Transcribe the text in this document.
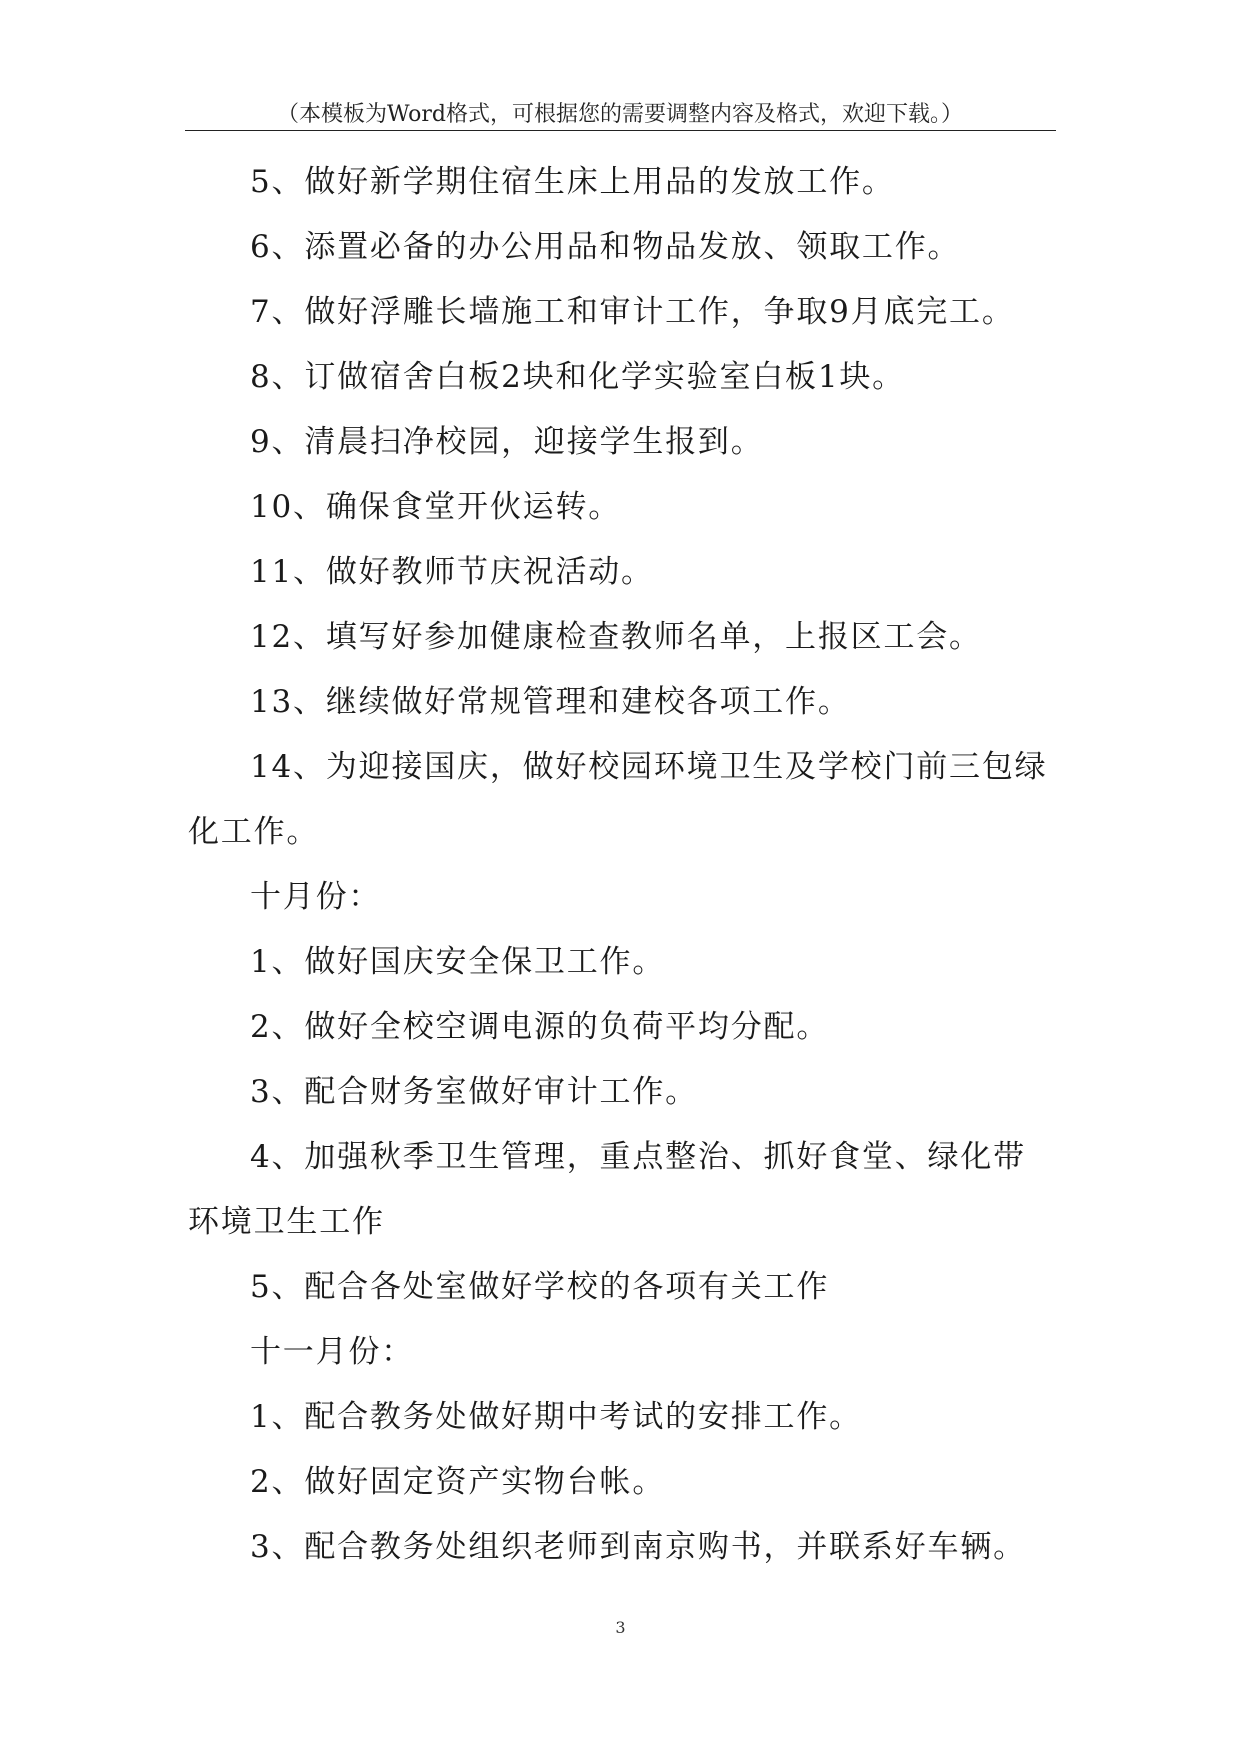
（本模板为Word格式，可根据您的需要调整内容及格式，欢迎下载。）

5、做好新学期住宿生床上用品的发放工作。

6、添置必备的办公用品和物品发放、领取工作。

7、做好浮雕长墙施工和审计工作，争取9月底完工。

8、订做宿舍白板2块和化学实验室白板1块。

9、清晨扫净校园，迎接学生报到。

10、确保食堂开伙运转。

11、做好教师节庆祝活动。

12、填写好参加健康检查教师名单，上报区工会。

13、继续做好常规管理和建校各项工作。

14、为迎接国庆，做好校园环境卫生及学校门前三包绿化工作。

十月份：

1、做好国庆安全保卫工作。

2、做好全校空调电源的负荷平均分配。

3、配合财务室做好审计工作。

4、加强秋季卫生管理，重点整治、抓好食堂、绿化带环境卫生工作

5、配合各处室做好学校的各项有关工作

十一月份：

1、配合教务处做好期中考试的安排工作。

2、做好固定资产实物台帐。

3、配合教务处组织老师到南京购书，并联系好车辆。

3
